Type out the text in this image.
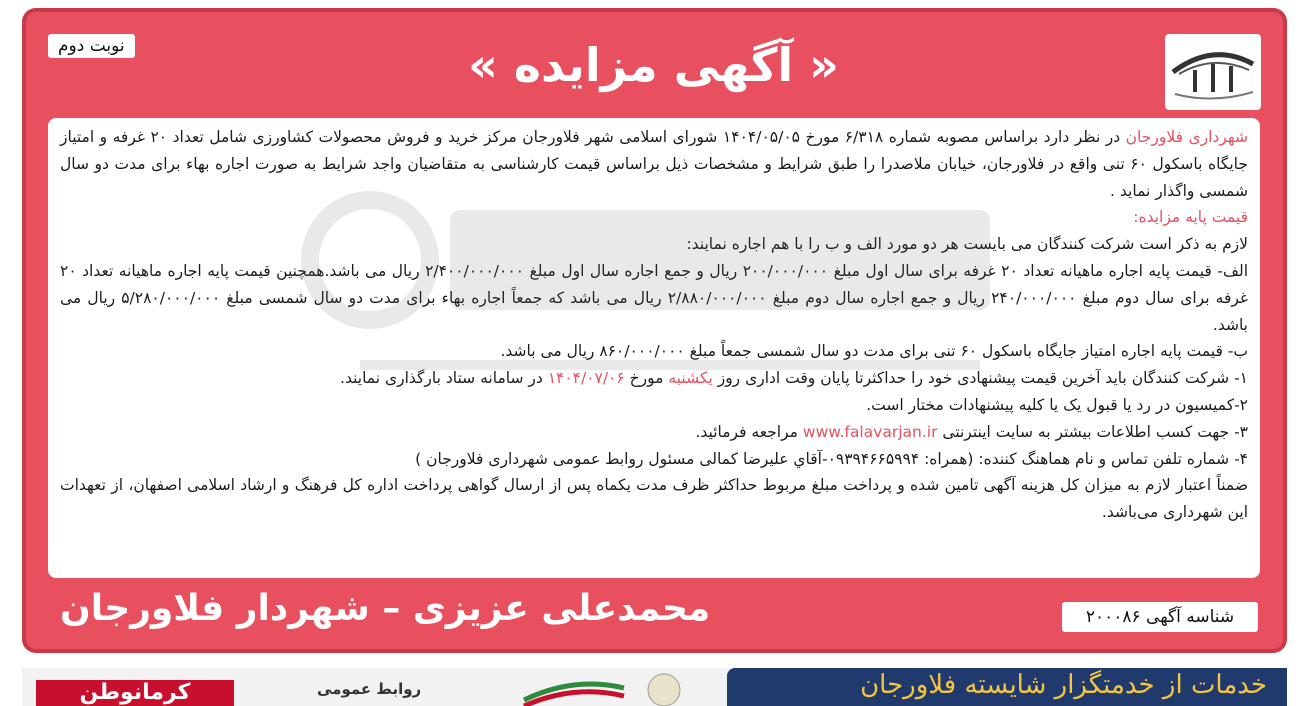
نوبت دوم	« آگهی مزایده »

شهرداری فلاورجان در نظر دارد براساس مصوبه شماره ۶/۳۱۸ مورخ ۱۴۰۴/۰۵/۰۵ شورای اسلامی شهر فلاورجان مرکز خرید و فروش محصولات کشاورزی شامل تعداد ۲۰ غرفه و امتیاز جایگاه باسکول ۶۰ تنی واقع در فلاورجان، خیابان ملاصدرا را طبق شرایط و مشخصات ذیل براساس قیمت کارشناسی به متقاضیان واجد شرایط به صورت اجاره بهاء برای مدت دو سال شمسی واگذار نماید .

قیمت پایه مزایده:

لازم به ذکر است شرکت کنندگان می بایست هر دو مورد الف و ب را با هم اجاره نمایند:

الف- قیمت پایه اجاره ماهیانه تعداد ۲۰ غرفه برای سال اول مبلغ ۲۰۰/۰۰۰/۰۰۰ ریال و جمع اجاره سال اول مبلغ ۲/۴۰۰/۰۰۰/۰۰۰ ریال می باشد.همچنین قیمت پایه اجاره ماهیانه تعداد ۲۰ غرفه برای سال دوم مبلغ ۲۴۰/۰۰۰/۰۰۰ ریال و جمع اجاره سال دوم مبلغ ۲/۸۸۰/۰۰۰/۰۰۰ ریال می باشد که جمعاً اجاره بهاء برای مدت دو سال شمسی مبلغ ۵/۲۸۰/۰۰۰/۰۰۰ ریال می باشد.

ب- قیمت پایه اجاره امتیاز جایگاه باسکول ۶۰ تنی برای مدت دو سال شمسی جمعاً مبلغ ۸۶۰/۰۰۰/۰۰۰ ریال می باشد.

۱- شرکت کنندگان باید آخرین قیمت پیشنهادی خود را حداکثرتا پایان وقت اداری روز یکشنبه مورخ ۱۴۰۴/۰۷/۰۶ در سامانه ستاد بارگذاری نمایند.

۲-کمیسیون در رد یا قبول یک یا کلیه پیشنهادات مختار است.

۳- جهت کسب اطلاعات بیشتر به سایت اینترنتی www.falavarjan.ir مراجعه فرمائید.

۴- شماره تلفن تماس و نام هماهنگ کننده: (همراه: ۰۹۳۹۴۶۶۵۹۹۴-آقاي علیرضا کمالی مسئول روابط عمومی شهرداری فلاورجان )

ضمناً اعتبار لازم به میزان کل هزینه آگهی تامین شده و پرداخت مبلغ مربوط حداکثر ظرف مدت یکماه پس از ارسال گواهی پرداخت اداره کل فرهنگ و ارشاد اسلامی اصفهان، از تعهدات این شهرداری می‌باشد.

شناسه آگهی ۲۰۰۰۸۶
محمدعلی عزیزی – شهردار فلاورجان
خدمات از خدمتگزار شایسته فلاورجان
روابط عمومی
کرمانوطن
